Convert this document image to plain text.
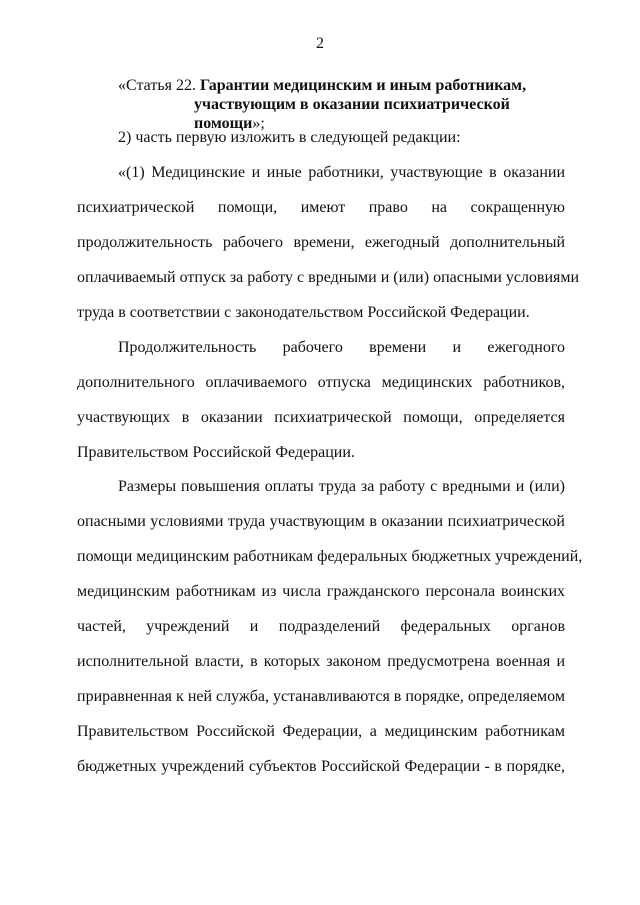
2
«Статья 22. Гарантии медицинским и иным работникам,
участвующим в оказании психиатрической помощи»;
2) часть первую изложить в следующей редакции:
«(1) Медицинские и иные работники, участвующие в оказании
психиатрической помощи, имеют право на сокращенную
продолжительность рабочего времени, ежегодный дополнительный
оплачиваемый отпуск за работу с вредными и (или) опасными условиями
труда в соответствии с законодательством Российской Федерации.
Продолжительность рабочего времени и ежегодного
дополнительного оплачиваемого отпуска медицинских работников,
участвующих в оказании психиатрической помощи, определяется
Правительством Российской Федерации.
Размеры повышения оплаты труда за работу с вредными и (или)
опасными условиями труда участвующим в оказании психиатрической
помощи медицинским работникам федеральных бюджетных учреждений,
медицинским работникам из числа гражданского персонала воинских
частей, учреждений и подразделений федеральных органов
исполнительной власти, в которых законом предусмотрена военная и
приравненная к ней служба, устанавливаются в порядке, определяемом
Правительством Российской Федерации, а медицинским работникам
бюджетных учреждений субъектов Российской Федерации - в порядке,
